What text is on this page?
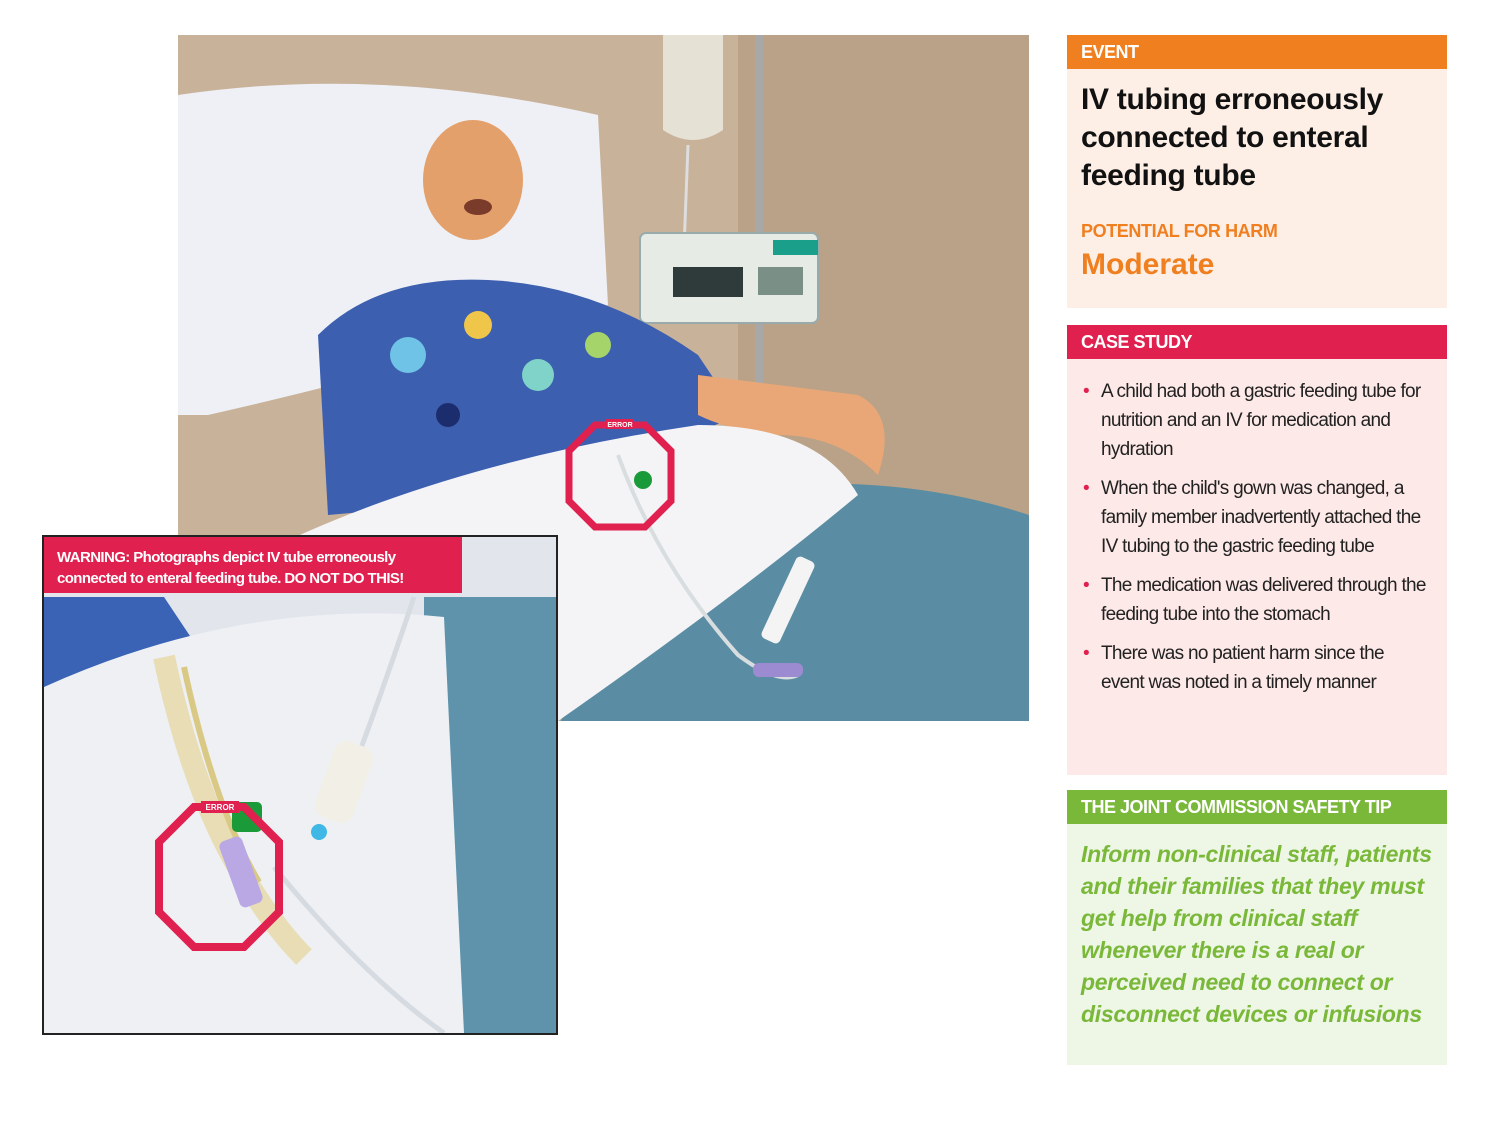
ERROR
ERROR
WARNING: Photographs depict IV tube erroneously connected to enteral feeding tube. DO NOT DO THIS!
EVENT
IV tubing erroneously connected to enteral feeding tube
POTENTIAL FOR HARM
Moderate
CASE STUDY
• A child had both a gastric feeding tube for nutrition and an IV for medication and hydration
• When the child's gown was changed, a family member inadvertently attached the IV tubing to the gastric feeding tube
• The medication was delivered through the feeding tube into the stomach
• There was no patient harm since the event was noted in a timely manner
THE JOINT COMMISSION SAFETY TIP
Inform non-clinical staff, patients and their families that they must get help from clinical staff whenever there is a real or perceived need to connect or disconnect devices or infusions
